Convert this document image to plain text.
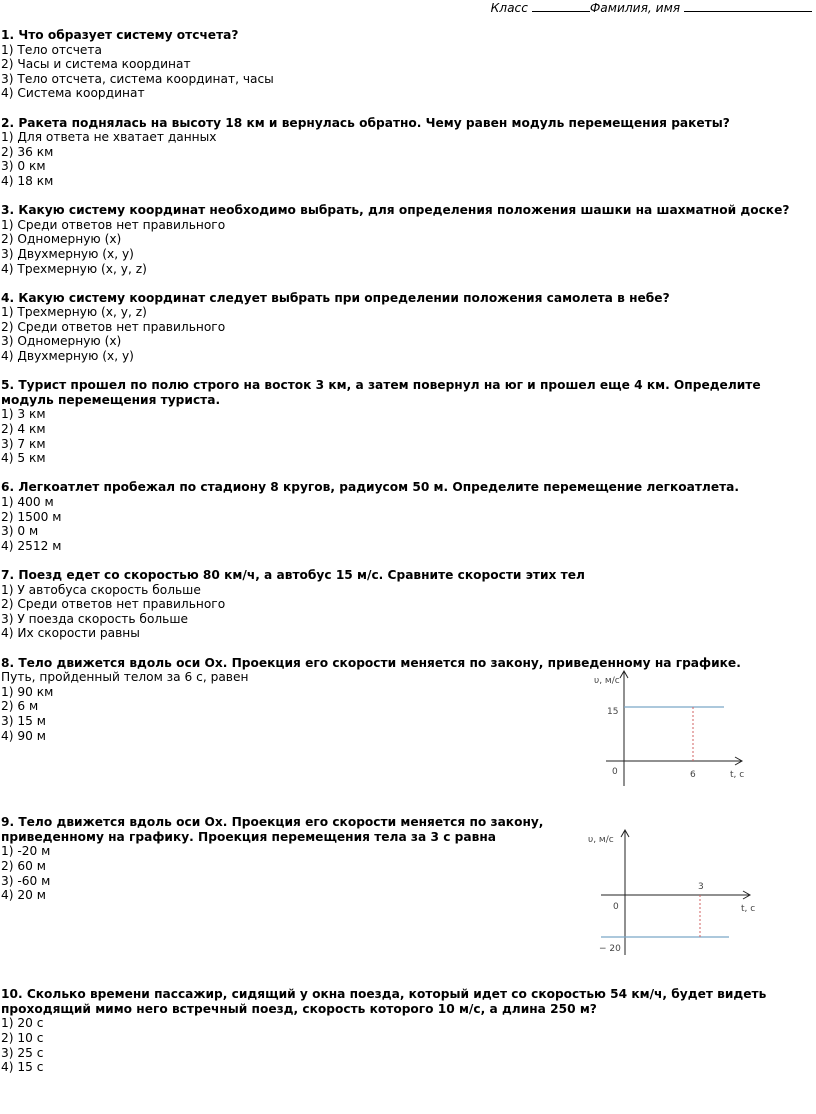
Класс	Фамилия, имя
1. Что образует систему отсчета?
1) Тело отсчета
2) Часы и система координат
3) Тело отсчета, система координат, часы
4) Система координат
2. Ракета поднялась на высоту 18 км и вернулась обратно. Чему равен модуль перемещения ракеты?
1) Для ответа не хватает данных
2) 36 км
3) 0 км
4) 18 км
3. Какую систему координат необходимо выбрать, для определения положения шашки на шахматной доске?
1) Среди ответов нет правильного
2) Одномерную (x)
3) Двухмерную (x, y)
4) Трехмерную (x, y, z)
4. Какую систему координат следует выбрать при определении положения самолета в небе?
1) Трехмерную (x, y, z)
2) Среди ответов нет правильного
3) Одномерную (x)
4) Двухмерную (x, y)
5. Турист прошел по полю строго на восток 3 км, а затем повернул на юг и прошел еще 4 км. Определите модуль перемещения туриста.
1) 3 км
2) 4 км
3) 7 км
4) 5 км
6. Легкоатлет пробежал по стадиону 8 кругов, радиусом 50 м. Определите перемещение легкоатлета.
1) 400 м
2) 1500 м
3) 0 м
4) 2512 м
7. Поезд едет со скоростью 80 км/ч, а автобус 15 м/с. Сравните скорости этих тел
1) У автобуса скорость больше
2) Среди ответов нет правильного
3) У поезда скорость больше
4) Их скорости равны
8. Тело движется вдоль оси Ох. Проекция его скорости меняется по закону, приведенному на графике.
Путь, пройденный телом за 6 с, равен
1) 90 км
2) 6 м
3) 15 м
4) 90 м
υ, м/с
t, c
0
15
6
9. Тело движется вдоль оси Ох. Проекция его скорости меняется по закону, приведенному на графику. Проекция перемещения тела за 3 с равна
1) -20 м
2) 60 м
3) -60 м
4) 20 м
υ, м/с
t, c
0
− 20
3
10. Сколько времени пассажир, сидящий у окна поезда, который идет со скоростью 54 км/ч, будет видеть проходящий мимо него встречный поезд, скорость которого 10 м/с, а длина 250 м?
1) 20 с
2) 10 с
3) 25 с
4) 15 с
